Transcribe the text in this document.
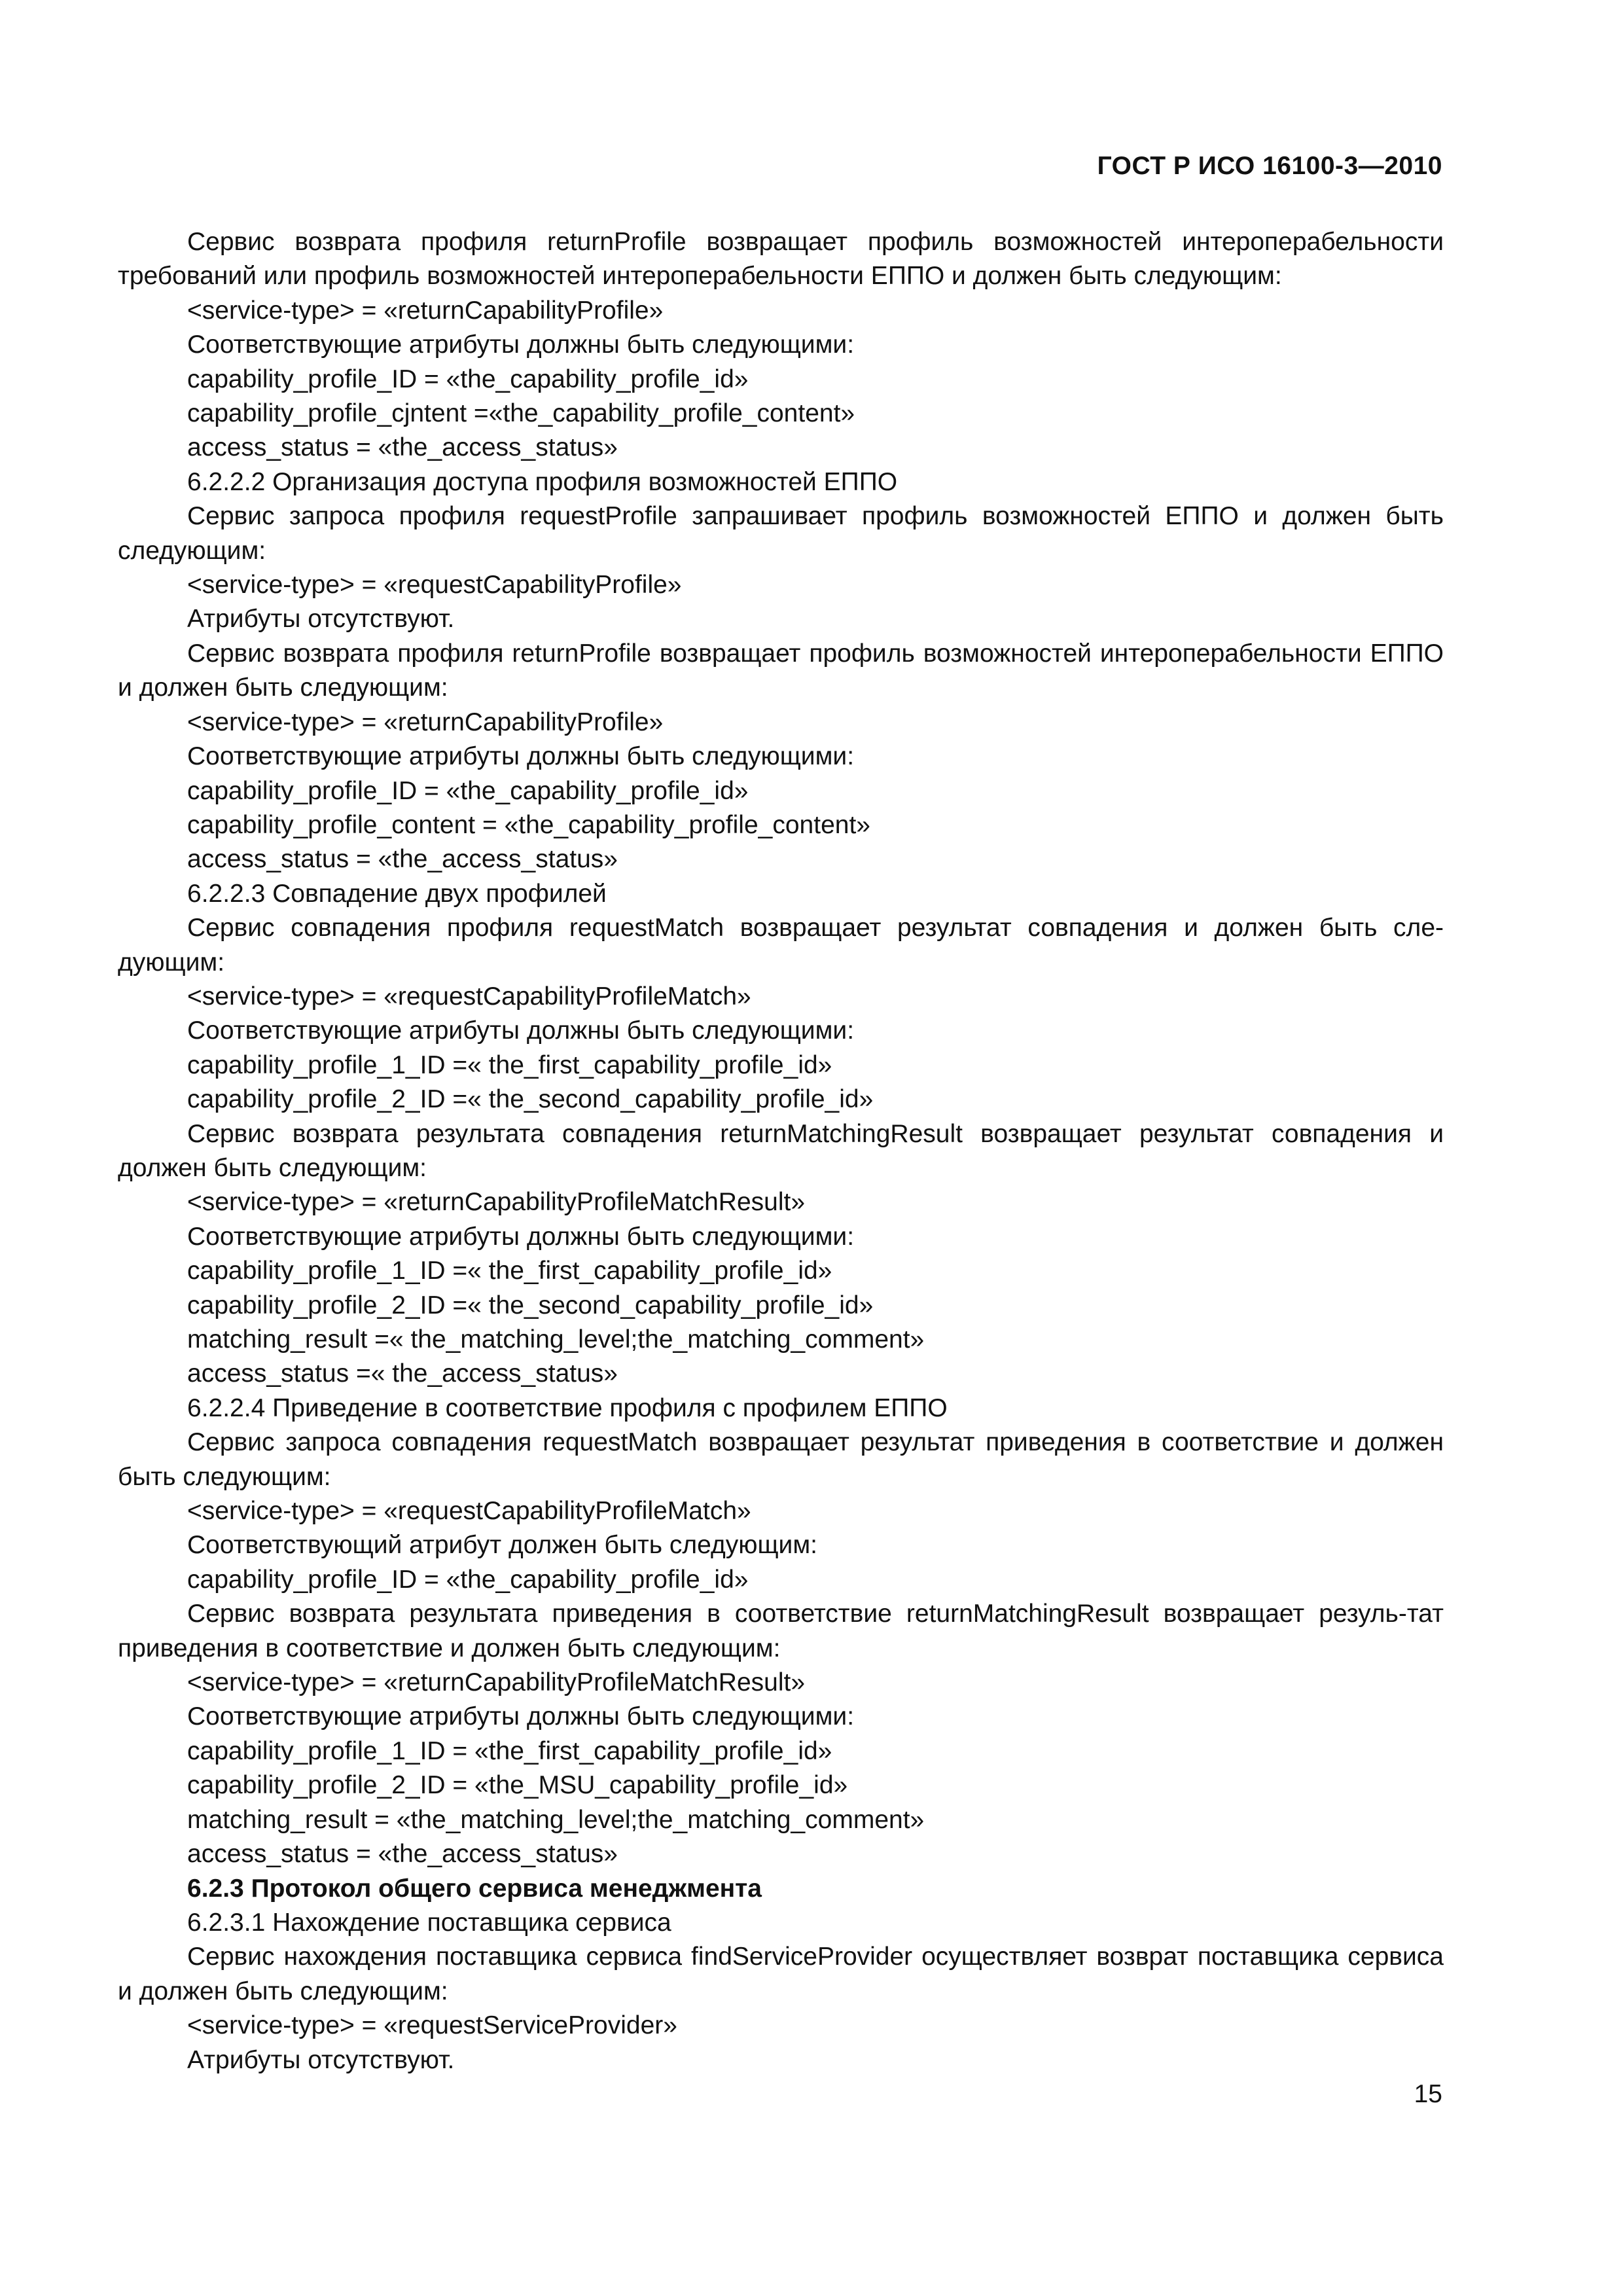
ГОСТ Р ИСО 16100-3—2010
Сервис возврата профиля returnProfile возвращает профиль возможностей интероперабельности требований или профиль возможностей интероперабельности ЕППО и должен быть следующим:
<service-type> = «returnCapabilityProfile»
Соответствующие атрибуты должны быть следующими:
capability_profile_ID = «the_capability_profile_id»
capability_profile_cjntent =«the_capability_profile_content»
access_status = «the_access_status»
6.2.2.2 Организация доступа профиля возможностей ЕППО
Сервис запроса профиля requestProfile запрашивает профиль возможностей ЕППО и должен быть следующим:
<service-type> = «requestCapabilityProfile»
Атрибуты отсутствуют.
Сервис возврата профиля returnProfile возвращает профиль возможностей интероперабельности ЕППО и должен быть следующим:
<service-type> = «returnCapabilityProfile»
Соответствующие атрибуты должны быть следующими:
capability_profile_ID = «the_capability_profile_id»
capability_profile_content = «the_capability_profile_content»
access_status = «the_access_status»
6.2.2.3 Совпадение двух профилей
Сервис совпадения профиля requestMatch возвращает результат совпадения и должен быть сле-дующим:
<service-type> = «requestCapabilityProfileMatch»
Соответствующие атрибуты должны быть следующими:
capability_profile_1_ID =« the_first_capability_profile_id»
capability_profile_2_ID =« the_second_capability_profile_id»
Сервис возврата результата совпадения returnMatchingResult возвращает результат совпадения и должен быть следующим:
<service-type> = «returnCapabilityProfileMatchResult»
Соответствующие атрибуты должны быть следующими:
capability_profile_1_ID =« the_first_capability_profile_id»
capability_profile_2_ID =« the_second_capability_profile_id»
matching_result =« the_matching_level;the_matching_comment»
access_status =« the_access_status»
6.2.2.4 Приведение в соответствие профиля с профилем ЕППО
Сервис запроса совпадения requestMatch возвращает результат приведения в соответствие и должен быть следующим:
<service-type> = «requestCapabilityProfileMatch»
Соответствующий атрибут должен быть следующим:
capability_profile_ID = «the_capability_profile_id»
Сервис возврата результата приведения в соответствие returnMatchingResult возвращает резуль-тат приведения в соответствие и должен быть следующим:
<service-type> = «returnCapabilityProfileMatchResult»
Соответствующие атрибуты должны быть следующими:
capability_profile_1_ID = «the_first_capability_profile_id»
capability_profile_2_ID = «the_MSU_capability_profile_id»
matching_result = «the_matching_level;the_matching_comment»
access_status = «the_access_status»
6.2.3 Протокол общего сервиса менеджмента
6.2.3.1 Нахождение поставщика сервиса
Сервис нахождения поставщика сервиса findServiceProvider осуществляет возврат поставщика сервиса и должен быть следующим:
<service-type> = «requestServiceProvider»
Атрибуты отсутствуют.
15
